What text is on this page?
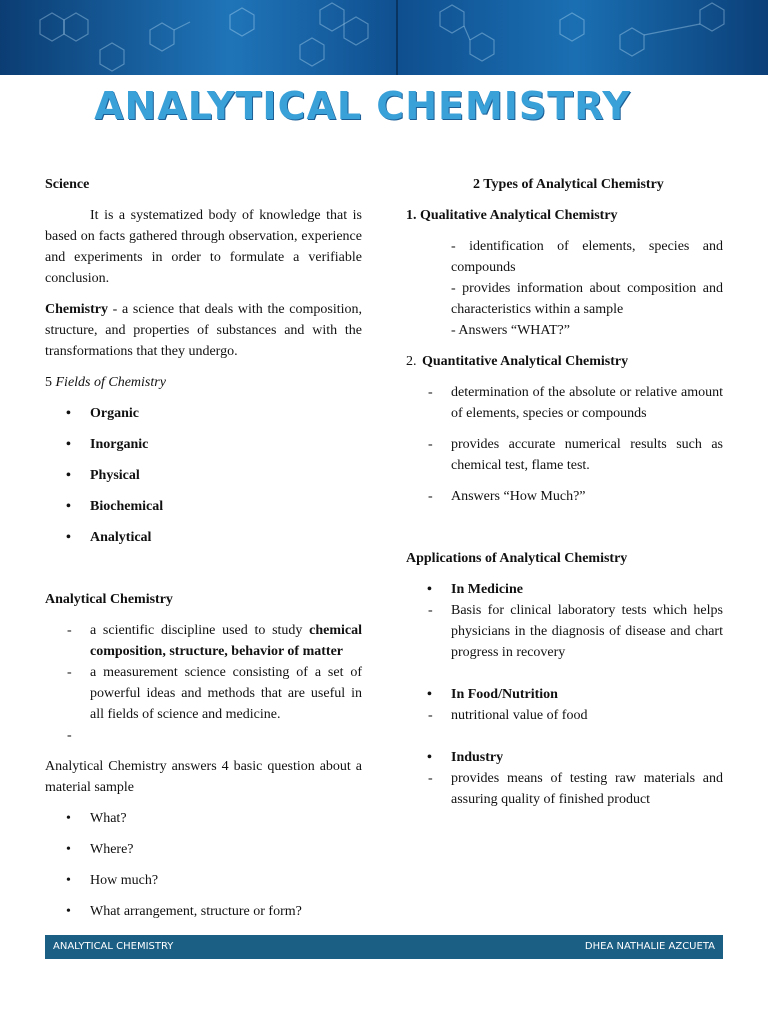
ANALYTICAL CHEMISTRY

Science

It is a systematized body of knowledge that is based on facts gathered through observation, experience and experiments in order to formulate a verifiable conclusion.

Chemistry - a science that deals with the composition, structure, and properties of substances and with the transformations that they undergo.

5 Fields of Chemistry

• Organic
• Inorganic
• Physical
• Biochemical
• Analytical

Analytical Chemistry

- a scientific discipline used to study chemical composition, structure, behavior of matter
- a measurement science consisting of a set of powerful ideas and methods that are useful in all fields of science and medicine.
-

Analytical Chemistry answers 4 basic question about a material sample

• What?
• Where?
• How much?
• What arrangement, structure or form?

2 Types of Analytical Chemistry

1. Qualitative Analytical Chemistry

- identification of elements, species and compounds

- provides information about composition and characteristics within a sample

- Answers “WHAT?”

2. Quantitative Analytical Chemistry

- determination of the absolute or relative amount of elements, species or compounds
- provides accurate numerical results such as chemical test, flame test.
- Answers “How Much?”

Applications of Analytical Chemistry

• In Medicine
- Basis for clinical laboratory tests which helps physicians in the diagnosis of disease and chart progress in recovery
• In Food/Nutrition
- nutritional value of food
• Industry
- provides means of testing raw materials and assuring quality of finished product
ANALYTICAL CHEMISTRY	DHEA NATHALIE AZCUETA
